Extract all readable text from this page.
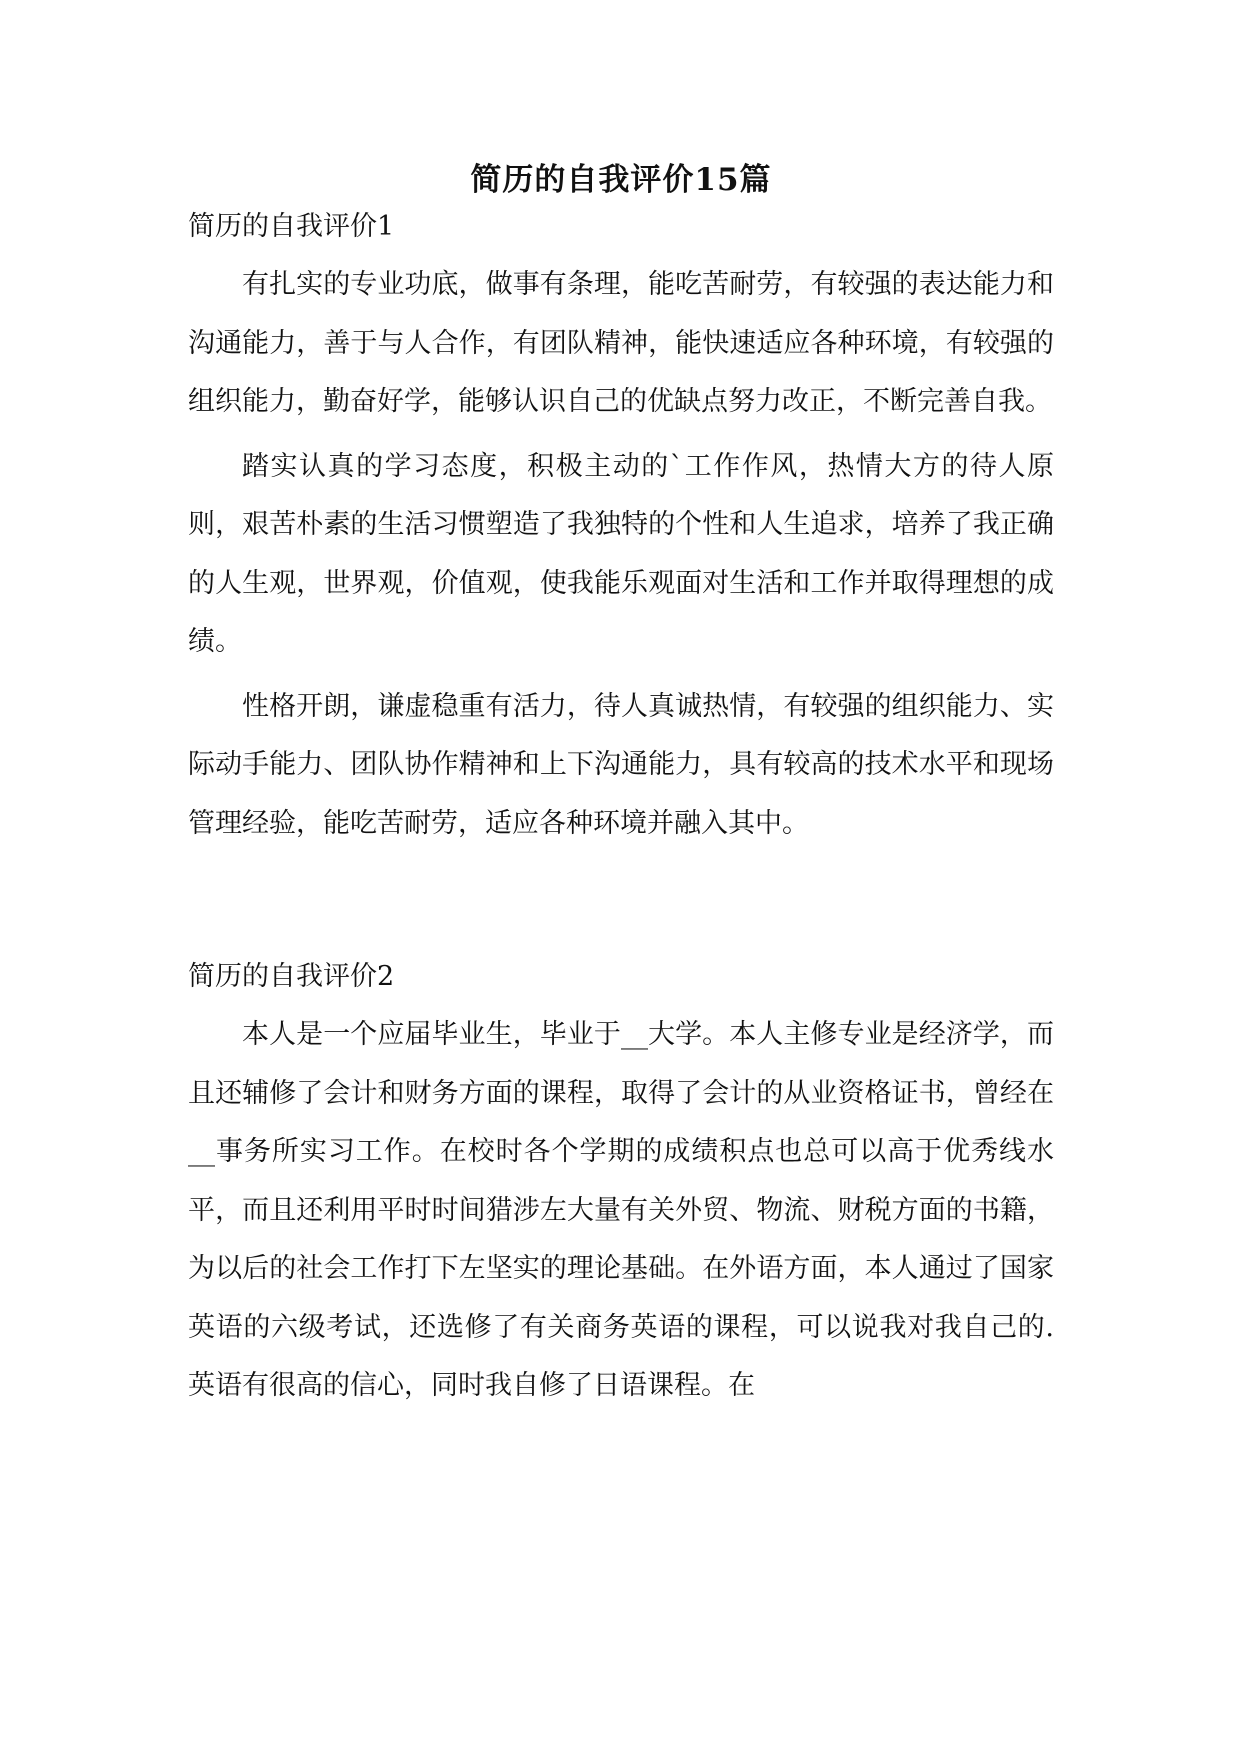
简历的自我评价15篇
简历的自我评价1

有扎实的专业功底，做事有条理，能吃苦耐劳，有较强的表达能力和沟通能力，善于与人合作，有团队精神，能快速适应各种环境，有较强的组织能力，勤奋好学，能够认识自己的优缺点努力改正，不断完善自我。

踏实认真的学习态度，积极主动的`工作作风，热情大方的待人原则，艰苦朴素的生活习惯塑造了我独特的个性和人生追求，培养了我正确的人生观，世界观，价值观，使我能乐观面对生活和工作并取得理想的成绩。

性格开朗，谦虚稳重有活力，待人真诚热情，有较强的组织能力、实际动手能力、团队协作精神和上下沟通能力，具有较高的技术水平和现场管理经验，能吃苦耐劳，适应各种环境并融入其中。

简历的自我评价2

本人是一个应届毕业生，毕业于__大学。本人主修专业是经济学，而且还辅修了会计和财务方面的课程，取得了会计的从业资格证书，曾经在__事务所实习工作。在校时各个学期的成绩积点也总可以高于优秀线水平，而且还利用平时时间猎涉左大量有关外贸、物流、财税方面的书籍，为以后的社会工作打下左坚实的理论基础。在外语方面，本人通过了国家英语的六级考试，还选修了有关商务英语的课程，可以说我对我自己的. 英语有很高的信心，同时我自修了日语课程。在
